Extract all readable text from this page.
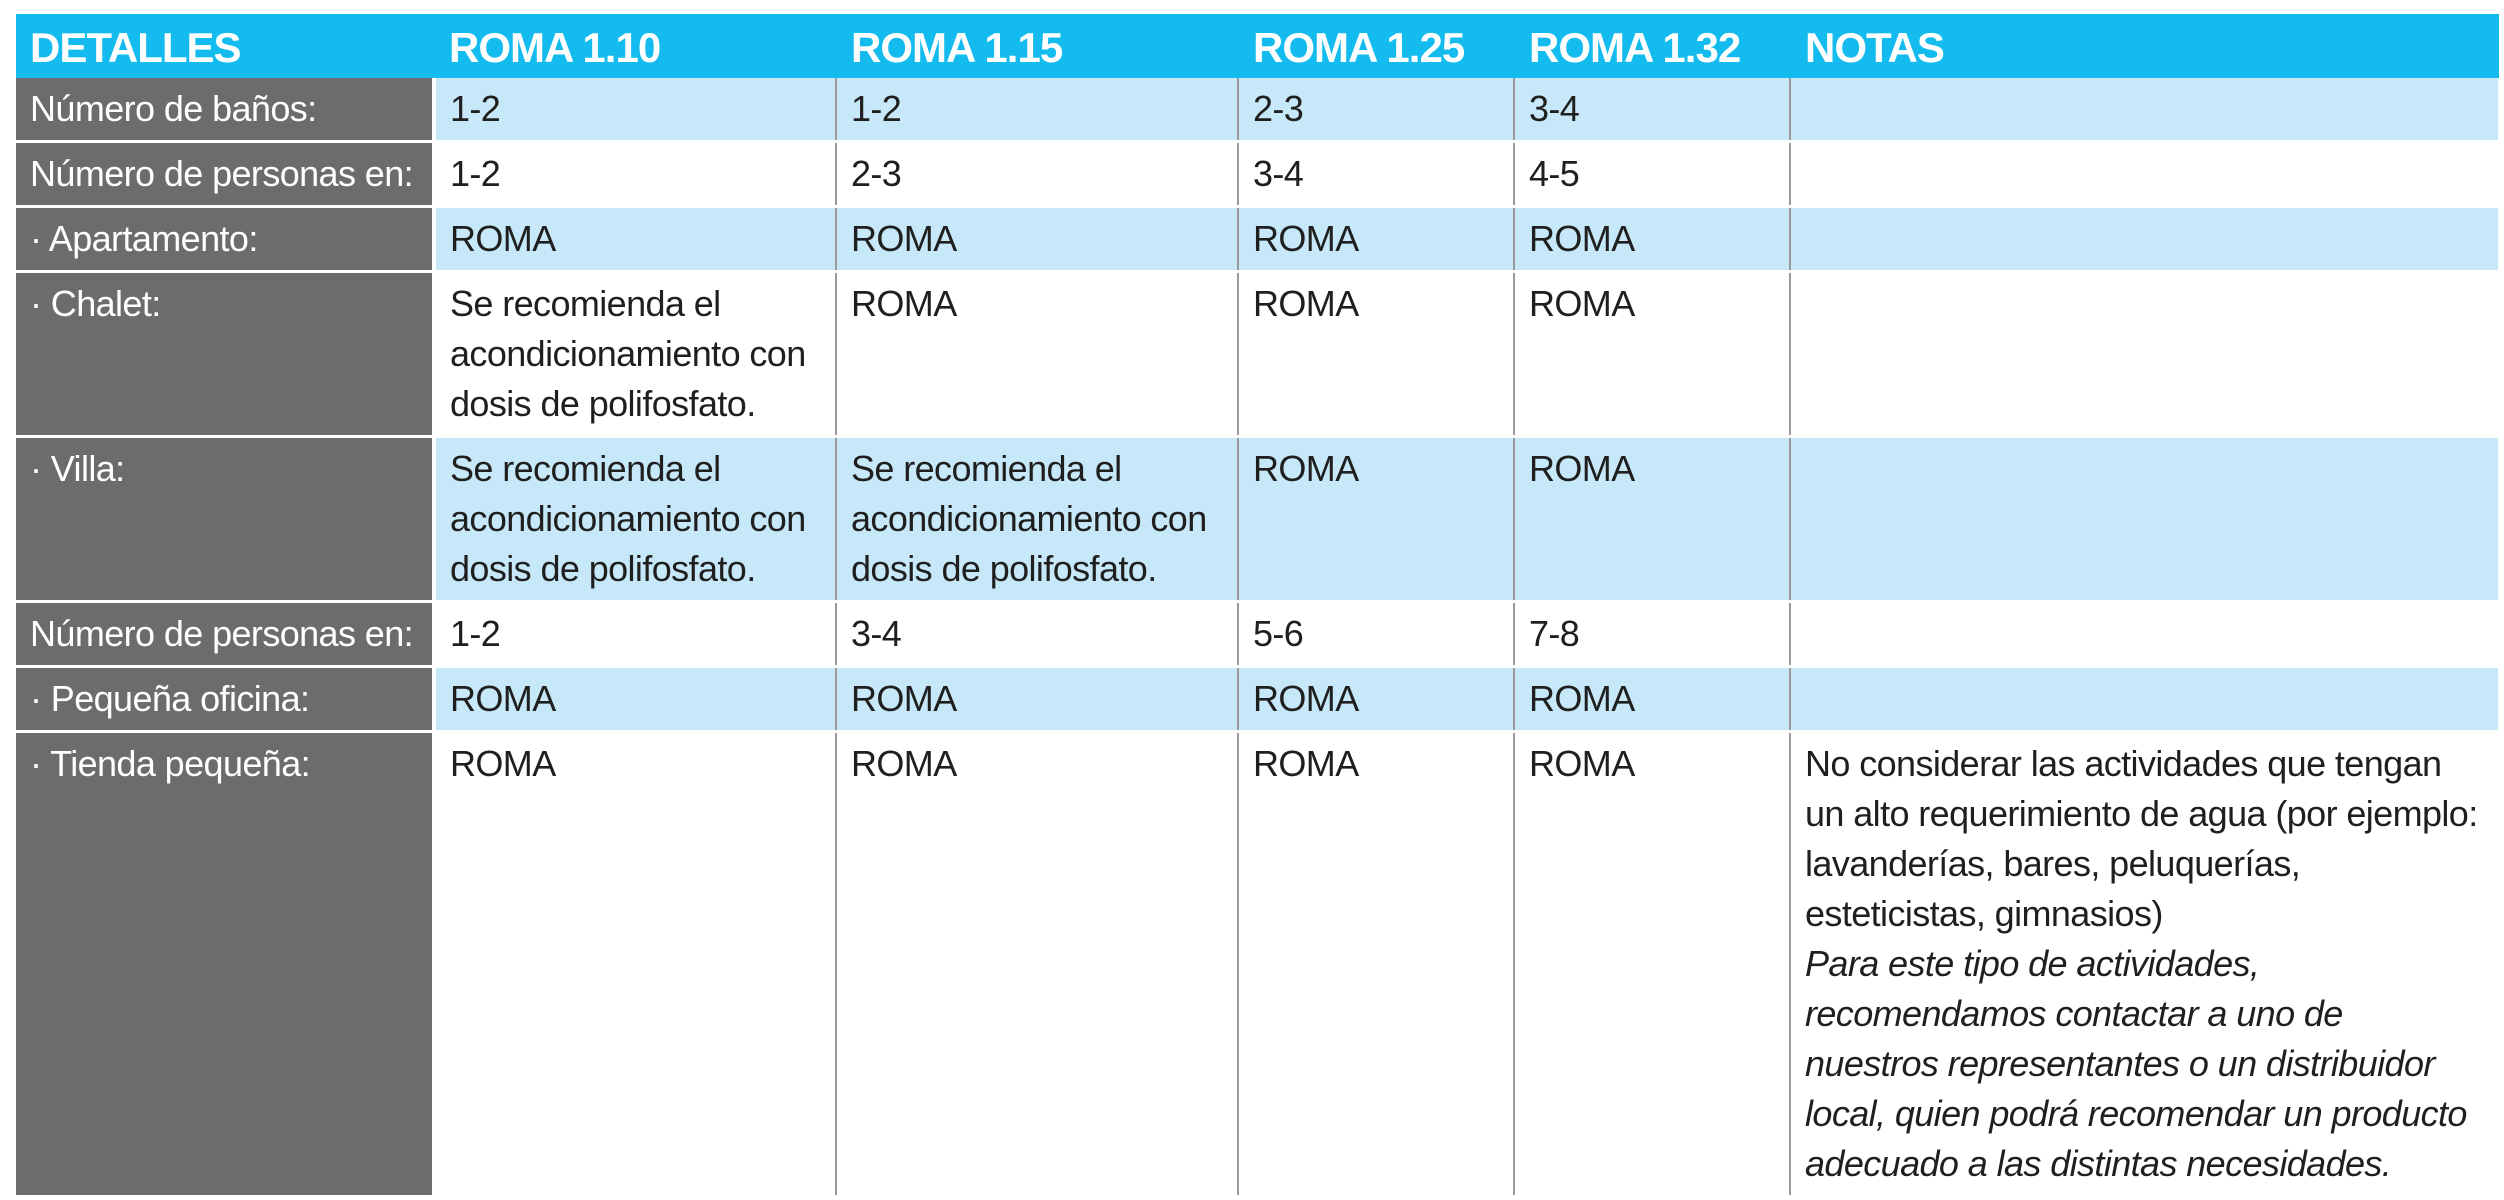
DETALLES	ROMA 1.10	ROMA 1.15	ROMA 1.25	ROMA 1.32	NOTAS
Número de baños:	1-2	1-2	2-3	3-4	
Número de personas en:	1-2	2-3	3-4	4-5	
· Apartamento:	ROMA	ROMA	ROMA	ROMA	
· Chalet:	Se recomienda el acondicionamiento con dosis de polifosfato.	ROMA	ROMA	ROMA	
· Villa:	Se recomienda el acondicionamiento con dosis de polifosfato.	Se recomienda el acondicionamiento con dosis de polifosfato.	ROMA	ROMA	
Número de personas en:	1-2	3-4	5-6	7-8	
· Pequeña oficina:	ROMA	ROMA	ROMA	ROMA	
· Tienda pequeña:	ROMA	ROMA	ROMA	ROMA	No considerar las actividades que tengan un alto requerimiento de agua (por ejemplo: lavanderías, bares, peluquerías, esteticistas, gimnasios)
Para este tipo de actividades, recomendamos contactar a uno de nuestros representantes o un distribuidor local, quien podrá recomendar un producto adecuado a las distintas necesidades.
